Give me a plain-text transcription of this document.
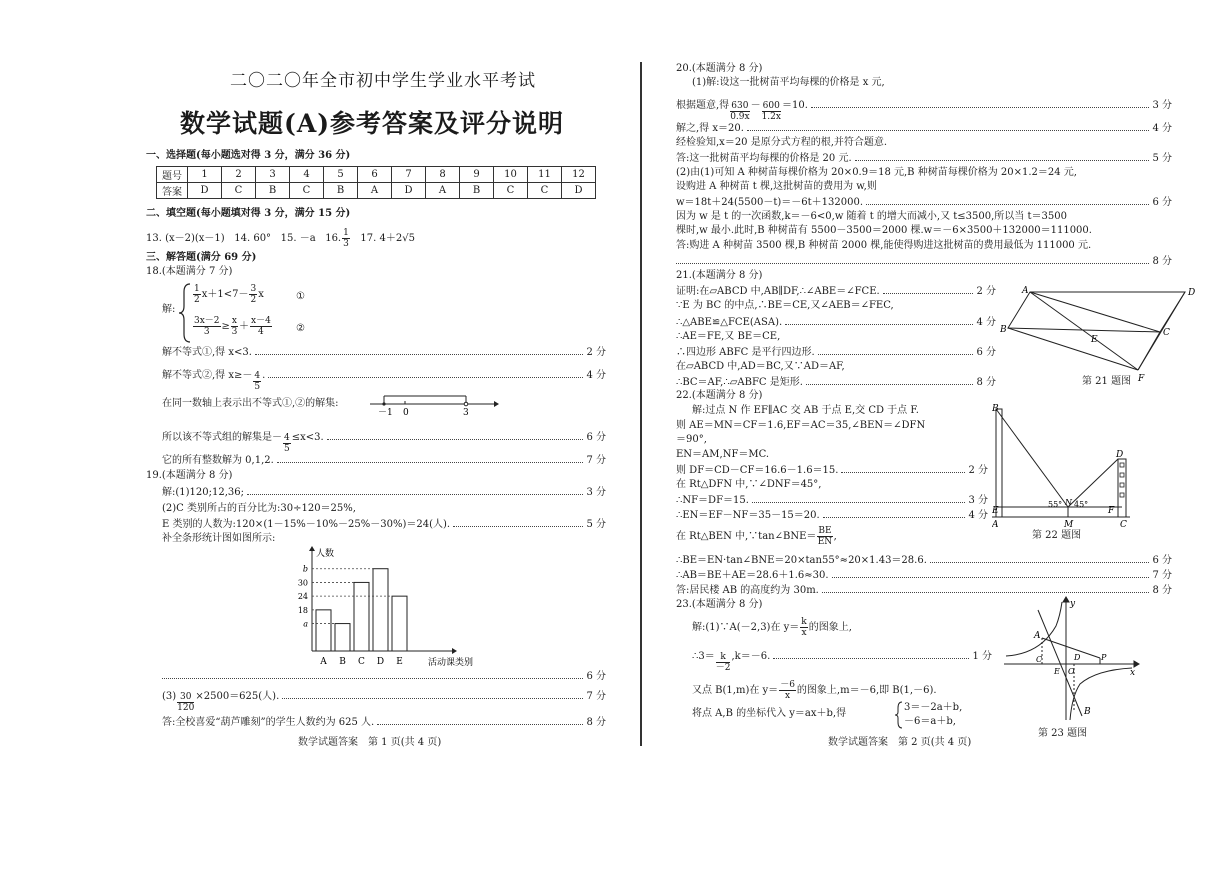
二〇二〇年全市初中学生学业水平考试
数学试题(A)参考答案及评分说明
一、选择题(每小题选对得 3 分，满分 36 分)
题号	1	2	3	4	5	6	7	8	9	10	11	12
答案	D	C	B	C	B	A	D	A	B	C	C	D
二、填空题(每小题填对得 3 分，满分 15 分)
13. (x－2)(x－1) 14. 60° 15. －a 16. $\frac{1}{3} 17$. 4＋2√5
三、解答题(满分 69 分)
18.(本题满分 7 分)
解:
$\frac{1}{2} x+1<7- \frac{3}{2}$ x	①
$\frac{3x-2}{3} \ge \frac{x}{3} + \frac{x-4}{4}$ ②
解不等式①,得 x<3.	2 分
解不等式②,得 $x\ge- \frac{4}{5}$ .	4 分
在同一数轴上表示出不等式①,②的解集:
－1 0	3
所以该不等式组的解集是－ $\frac{4}{5} \le x<3$.	6 分
它的所有整数解为 0,1,2.	7 分
19.(本题满分 8 分)
解:(1)120;12,36;	3 分
(2)C 类别所占的百分比为:30÷120＝25%,
E 类别的人数为:120×(1－15%－10%－25%－30%)＝24(人).	5 分
补全条形统计图如图所示:
人数
活动课类别
A B C D E
a
18
24
30
b
6 分
$(3) \frac{30}{120} \times 2500=625$(人).	7 分
答:全校喜爱“葫芦雕刻”的学生人数约为 625 人.	8 分
数学试题答案　第 1 页(共 4 页)
20.(本题满分 8 分)
(1)解:设这一批树苗平均每棵的价格是 x 元,
根据题意,得 $\frac{630}{0.9x} - \frac{600}{1.2x} =10$.	3 分
解之,得 x＝20.	4 分
经检验知,x＝20 是原分式方程的根,并符合题意.
答:这一批树苗平均每棵的价格是 20 元.	5 分
(2)由(1)可知 A 种树苗每棵价格为 20×0.9＝18 元,B 种树苗每棵价格为 20×1.2＝24 元,
设购进 A 种树苗 t 棵,这批树苗的费用为 w,则
w＝18t＋24(5500－t)＝－6t＋132000.	6 分
因为 w 是 t 的一次函数,k＝－6<0,w 随着 t 的增大而减小,又 t≤3500,所以当 t＝3500
棵时,w 最小.此时,B 种树苗有 5500－3500＝2000 棵.w＝－6×3500＋132000＝111000.
答:购进 A 种树苗 3500 棵,B 种树苗 2000 棵,能使得购进这批树苗的费用最低为 111000 元.
8 分
21.(本题满分 8 分)
证明:在▱ABCD 中,AB∥DF,∴∠ABE＝∠FCE.	2 分
∵E 为 BC 的中点,∴BE＝CE,又∠AEB＝∠FEC,
∴△ABE≌△FCE(ASA).	4 分
∴AE＝FE,又 BE＝CE,
∴四边形 ABFC 是平行四边形.	6 分
在▱ABCD 中,AD＝BC,又∵AD＝AF,
∴BC＝AF,∴▱ABFC 是矩形.	8 分
A	D
B	C
E
F
第 21 题图
22.(本题满分 8 分)
解:过点 N 作 EF∥AC 交 AB 于点 E,交 CD 于点 F.
则 AE＝MN＝CF＝1.6,EF＝AC＝35,∠BEN＝∠DFN
＝90°,
EN＝AM,NF＝MC.
则 DF＝CD－CF＝16.6－1.6＝15.	2 分
在 Rt△DFN 中,∵∠DNF＝45°,
∴NF＝DF＝15.	3 分
∴EN＝EF－NF＝35－15＝20.	4 分
在 Rt△BEN 中,∵tan∠BNE＝ $\frac{BE}{EN}$ ,
∴BE＝EN·tan∠BNE＝20×tan55°≈20×1.43＝28.6.	6 分
∴AB＝BE＋AE＝28.6＋1.6≈30.	7 分
答:居民楼 AB 的高度约为 30m.	8 分
B
D
E	F
A	M	C
N
55° 45°
第 22 题图
23.(本题满分 8 分)
解:(1)∵A(－2,3)在 $y= \frac{k}{x}$ 的图象上,
∴3＝ $\frac{k}{-2} ,k=-6$.	1 分
又点 B(1,m)在 $y= \frac{-6}{x}$ 的图象上,m＝－6,即 B(1,－6).
将点 A,B 的坐标代入 y＝ax＋b,得
3＝－2a＋b,
－6＝a＋b,
y
x
A
C
E O
D	P
B
第 23 题图
数学试题答案　第 2 页(共 4 页)
